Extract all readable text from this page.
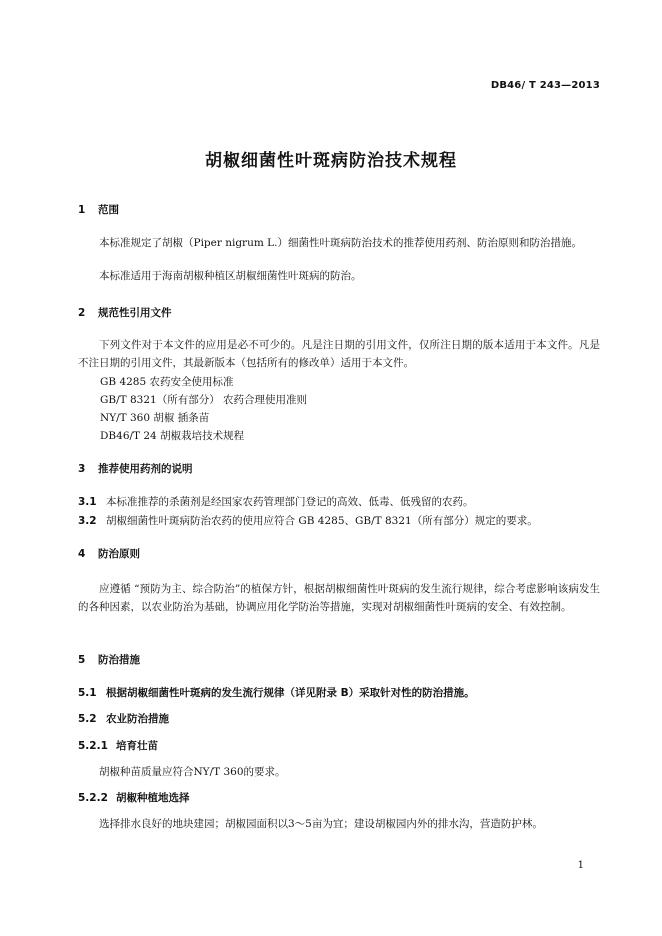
DB46/ T 243—2013
胡椒细菌性叶斑病防治技术规程
1 范围

本标准规定了胡椒（Piper nigrum L.）细菌性叶斑病防治技术的推荐使用药剂、防治原则和防治措施。

本标准适用于海南胡椒种植区胡椒细菌性叶斑病的防治。

2 规范性引用文件

下列文件对于本文件的应用是必不可少的。凡是注日期的引用文件，仅所注日期的版本适用于本文件。凡是不注日期的引用文件，其最新版本（包括所有的修改单）适用于本文件。

GB 4285 农药安全使用标准
GB/T 8321（所有部分） 农药合理使用准则
NY/T 360 胡椒 插条苗
DB46/T 24 胡椒栽培技术规程
3 推荐使用药剂的说明

3.1 本标准推荐的杀菌剂是经国家农药管理部门登记的高效、低毒、低残留的农药。

3.2 胡椒细菌性叶斑病防治农药的使用应符合 GB 4285、GB/T 8321（所有部分）规定的要求。

4 防治原则

应遵循 “预防为主、综合防治”的植保方针，根据胡椒细菌性叶斑病的发生流行规律，综合考虑影响该病发生的各种因素，以农业防治为基础，协调应用化学防治等措施，实现对胡椒细菌性叶斑病的安全、有效控制。

5 防治措施
5.1 根据胡椒细菌性叶斑病的发生流行规律（详见附录 B）采取针对性的防治措施。
5.2 农业防治措施
5.2.1 培育壮苗

胡椒种苗质量应符合NY/T 360的要求。

5.2.2 胡椒种植地选择

选择排水良好的地块建园；胡椒园面积以3～5亩为宜；建设胡椒园内外的排水沟，营造防护林。

1
